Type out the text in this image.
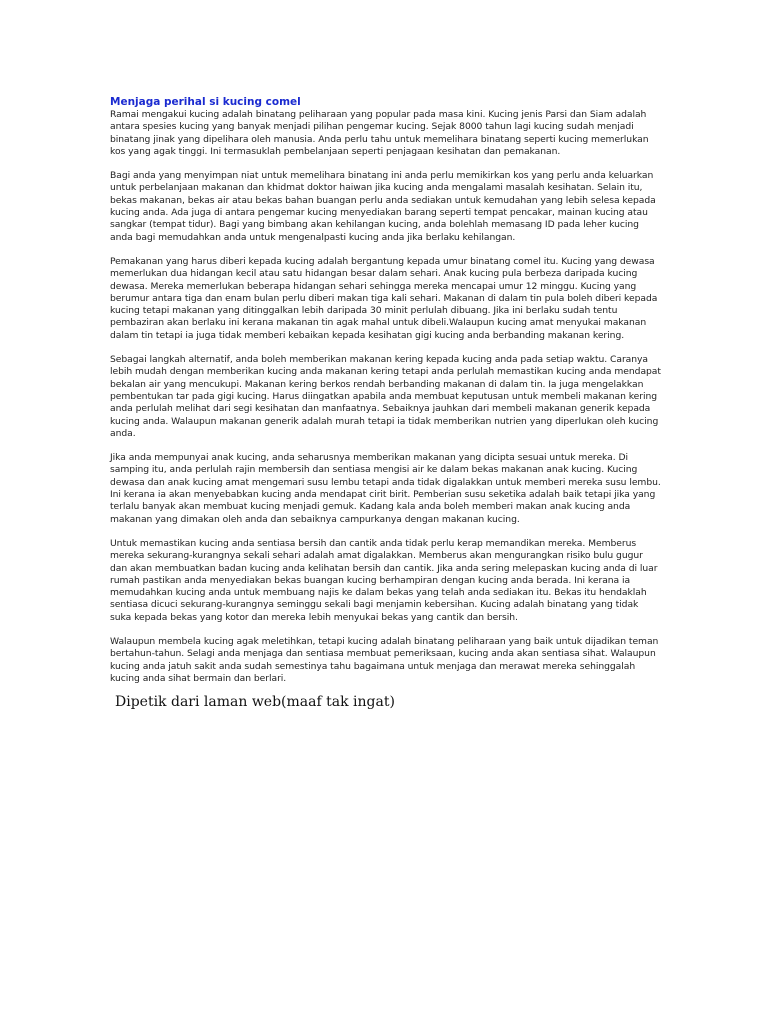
Menjaga perihal si kucing comel

Ramai mengakui kucing adalah binatang peliharaan yang popular pada masa kini. Kucing jenis Parsi dan Siam adalah antara spesies kucing yang banyak menjadi pilihan pengemar kucing. Sejak 8000 tahun lagi kucing sudah menjadi binatang jinak yang dipelihara oleh manusia. Anda perlu tahu untuk memelihara binatang seperti kucing memerlukan kos yang agak tinggi. Ini termasuklah pembelanjaan seperti penjagaan kesihatan dan pemakanan.

Bagi anda yang menyimpan niat untuk memelihara binatang ini anda perlu memikirkan kos yang perlu anda keluarkan untuk perbelanjaan makanan dan khidmat doktor haiwan jika kucing anda mengalami masalah kesihatan. Selain itu, bekas makanan, bekas air atau bekas bahan buangan perlu anda sediakan untuk kemudahan yang lebih selesa kepada kucing anda. Ada juga di antara pengemar kucing menyediakan barang seperti tempat pencakar, mainan kucing atau sangkar (tempat tidur). Bagi yang bimbang akan kehilangan kucing, anda bolehlah memasang ID pada leher kucing anda bagi memudahkan anda untuk mengenalpasti kucing anda jika berlaku kehilangan.

Pemakanan yang harus diberi kepada kucing adalah bergantung kepada umur binatang comel itu. Kucing yang dewasa memerlukan dua hidangan kecil atau satu hidangan besar dalam sehari. Anak kucing pula berbeza daripada kucing dewasa. Mereka memerlukan beberapa hidangan sehari sehingga mereka mencapai umur 12 minggu. Kucing yang berumur antara tiga dan enam bulan perlu diberi makan tiga kali sehari. Makanan di dalam tin pula boleh diberi kepada kucing tetapi makanan yang ditinggalkan lebih daripada 30 minit perlulah dibuang. Jika ini berlaku sudah tentu pembaziran akan berlaku ini kerana makanan tin agak mahal untuk dibeli.Walaupun kucing amat menyukai makanan dalam tin tetapi ia juga tidak memberi kebaikan kepada kesihatan gigi kucing anda berbanding makanan kering.

Sebagai langkah alternatif, anda boleh memberikan makanan kering kepada kucing anda pada setiap waktu. Caranya lebih mudah dengan memberikan kucing anda makanan kering tetapi anda perlulah memastikan kucing anda mendapat bekalan air yang mencukupi. Makanan kering berkos rendah berbanding makanan di dalam tin. Ia juga mengelakkan pembentukan tar pada gigi kucing. Harus diingatkan apabila anda membuat keputusan untuk membeli makanan kering anda perlulah melihat dari segi kesihatan dan manfaatnya. Sebaiknya jauhkan dari membeli makanan generik kepada kucing anda. Walaupun makanan generik adalah murah tetapi ia tidak memberikan nutrien yang diperlukan oleh kucing anda.

Jika anda mempunyai anak kucing, anda seharusnya memberikan makanan yang dicipta sesuai untuk mereka. Di samping itu, anda perlulah rajin membersih dan sentiasa mengisi air ke dalam bekas makanan anak kucing. Kucing dewasa dan anak kucing amat mengemari susu lembu tetapi anda tidak digalakkan untuk memberi mereka susu lembu. Ini kerana ia akan menyebabkan kucing anda mendapat cirit birit. Pemberian susu seketika adalah baik tetapi jika yang terlalu banyak akan membuat kucing menjadi gemuk. Kadang kala anda boleh memberi makan anak kucing anda makanan yang dimakan oleh anda dan sebaiknya campurkanya dengan makanan kucing.

Untuk memastikan kucing anda sentiasa bersih dan cantik anda tidak perlu kerap memandikan mereka. Memberus mereka sekurang-kurangnya sekali sehari adalah amat digalakkan. Memberus akan mengurangkan risiko bulu gugur dan akan membuatkan badan kucing anda kelihatan bersih dan cantik. Jika anda sering melepaskan kucing anda di luar rumah pastikan anda menyediakan bekas buangan kucing berhampiran dengan kucing anda berada. Ini kerana ia memudahkan kucing anda untuk membuang najis ke dalam bekas yang telah anda sediakan itu. Bekas itu hendaklah sentiasa dicuci sekurang-kurangnya seminggu sekali bagi menjamin kebersihan. Kucing adalah binatang yang tidak suka kepada bekas yang kotor dan mereka lebih menyukai bekas yang cantik dan bersih.

Walaupun membela kucing agak meletihkan, tetapi kucing adalah binatang peliharaan yang baik untuk dijadikan teman bertahun-tahun. Selagi anda menjaga dan sentiasa membuat pemeriksaan, kucing anda akan sentiasa sihat. Walaupun kucing anda jatuh sakit anda sudah semestinya tahu bagaimana untuk menjaga dan merawat mereka sehinggalah kucing anda sihat bermain dan berlari.

Dipetik dari laman web(maaf tak ingat)
